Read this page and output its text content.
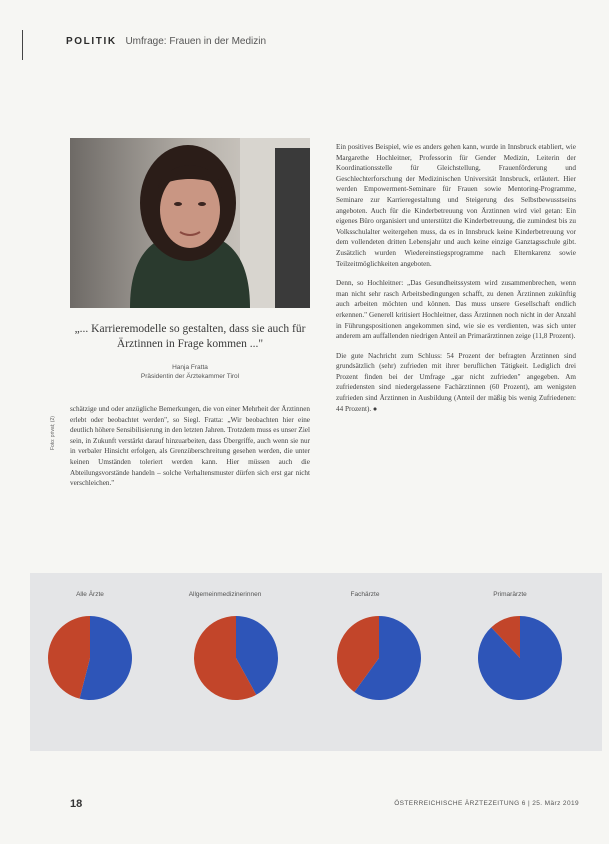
POLITIK Umfrage: Frauen in der Medizin
„... Karrieremodelle so gestalten, dass sie auch für Ärztinnen in Frage kommen ..."
Hanja Fratta
Präsidentin der Ärztekammer Tirol

schätzige und oder anzügliche Bemerkungen, die von einer Mehrheit der Ärztinnen erlebt oder beobachtet werden", so Siegl. Fratta: „Wir beobachten hier eine deutlich höhere Sensibilisierung in den letzten Jahren. Trotzdem muss es unser Ziel sein, in Zukunft verstärkt darauf hinzuarbeiten, dass Übergriffe, auch wenn sie nur in verbaler Hinsicht erfolgen, als Grenzüberschreitung gesehen werden, die unter keinen Umständen toleriert werden kann. Hier müssen auch die Abteilungsvorstände handeln – solche Verhaltensmuster dürfen sich erst gar nicht verschleichen."

Foto: privat; (2)

Ein positives Beispiel, wie es anders gehen kann, wurde in Innsbruck etabliert, wie Margarethe Hochleitner, Professorin für Gender Medizin, Leiterin der Koordinationsstelle für Gleichstellung, Frauenförderung und Geschlechterforschung der Medizinischen Universität Innsbruck, erläutert. Hier werden Empowerment-Seminare für Frauen sowie Mentoring-Programme, Seminare zur Karrieregestaltung und Steigerung des Selbstbewusstseins angeboten. Auch für die Kinderbetreuung von Ärztinnen wird viel getan: Ein eigenes Büro organisiert und unterstützt die Kinderbetreuung, die zumindest bis zu Volksschulalter weitergehen muss, da es in Innsbruck keine Kinderbetreuung vor dem vollendeten dritten Lebensjahr und auch keine einzige Ganztagsschule gibt. Zusätzlich wurden Wiedereinstiegsprogramme nach Elternkarenz sowie Teilzeitmöglichkeiten angeboten.

Denn, so Hochleitner: „Das Gesundheitssystem wird zusammenbrechen, wenn man nicht sehr rasch Arbeitsbedingungen schafft, zu denen Ärztinnen zukünftig auch arbeiten möchten und können. Das muss unsere Gesellschaft endlich erkennen." Generell kritisiert Hochleitner, dass Ärztinnen noch nicht in der Anzahl in Führungspositionen angekommen sind, wie sie es verdienten, was sich unter anderem am auffallenden niedrigen Anteil an Primarärztinnen zeige (11,8 Prozent).

Die gute Nachricht zum Schluss: 54 Prozent der befragten Ärztinnen sind grundsätzlich (sehr) zufrieden mit ihrer beruflichen Tätigkeit. Lediglich drei Prozent finden bei der Umfrage „gar nicht zufrieden" angegeben. Am zufriedensten sind niedergelassene Fachärztinnen (60 Prozent), am wenigsten zufrieden sind Ärztinnen in Ausbildung (Anteil der mäßig bis wenig Zufriedenen: 44 Prozent). ●

Alle Ärzte	Allgemeinmedizinerinnen	Fachärzte	Primarärzte
18	ÖSTERREICHISCHE ÄRZTEZEITUNG 6 | 25. März 2019
